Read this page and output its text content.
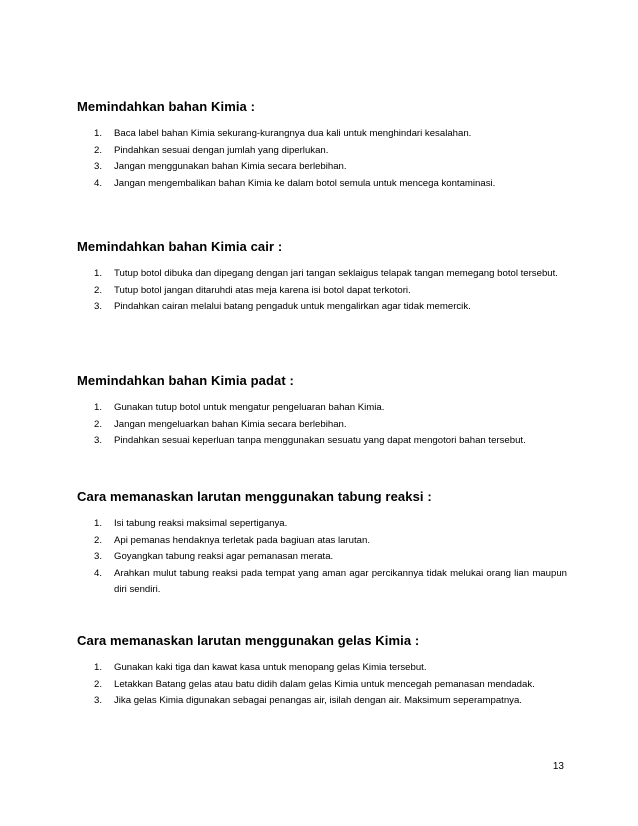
Memindahkan bahan Kimia :
1. Baca label bahan Kimia sekurang-kurangnya dua kali untuk menghindari kesalahan.
2. Pindahkan sesuai dengan jumlah yang diperlukan.
3. Jangan menggunakan bahan Kimia secara berlebihan.
4. Jangan mengembalikan bahan Kimia ke dalam botol semula untuk mencega kontaminasi.
Memindahkan bahan Kimia cair :
1. Tutup botol dibuka dan dipegang dengan jari tangan seklaigus telapak tangan memegang botol tersebut.
2. Tutup botol jangan ditaruhdi atas meja karena isi botol dapat terkotori.
3. Pindahkan cairan melalui batang pengaduk untuk mengalirkan agar tidak memercik.
Memindahkan bahan Kimia padat :
1. Gunakan tutup botol untuk mengatur pengeluaran bahan Kimia.
2. Jangan mengeluarkan bahan Kimia secara berlebihan.
3. Pindahkan sesuai keperluan tanpa menggunakan sesuatu yang dapat mengotori bahan tersebut.
Cara memanaskan larutan menggunakan tabung reaksi :
1. Isi tabung reaksi maksimal sepertiganya.
2. Api pemanas hendaknya terletak pada bagiuan atas larutan.
3. Goyangkan tabung reaksi agar pemanasan merata.
4. Arahkan mulut tabung reaksi pada tempat yang aman agar percikannya tidak melukai orang lian maupun diri sendiri.
Cara memanaskan larutan menggunakan gelas Kimia :
1. Gunakan kaki tiga dan kawat kasa untuk menopang gelas Kimia tersebut.
2. Letakkan Batang gelas atau batu didih dalam gelas Kimia untuk mencegah pemanasan mendadak.
3. Jika gelas Kimia digunakan sebagai penangas air, isilah dengan air. Maksimum seperampatnya.
13
